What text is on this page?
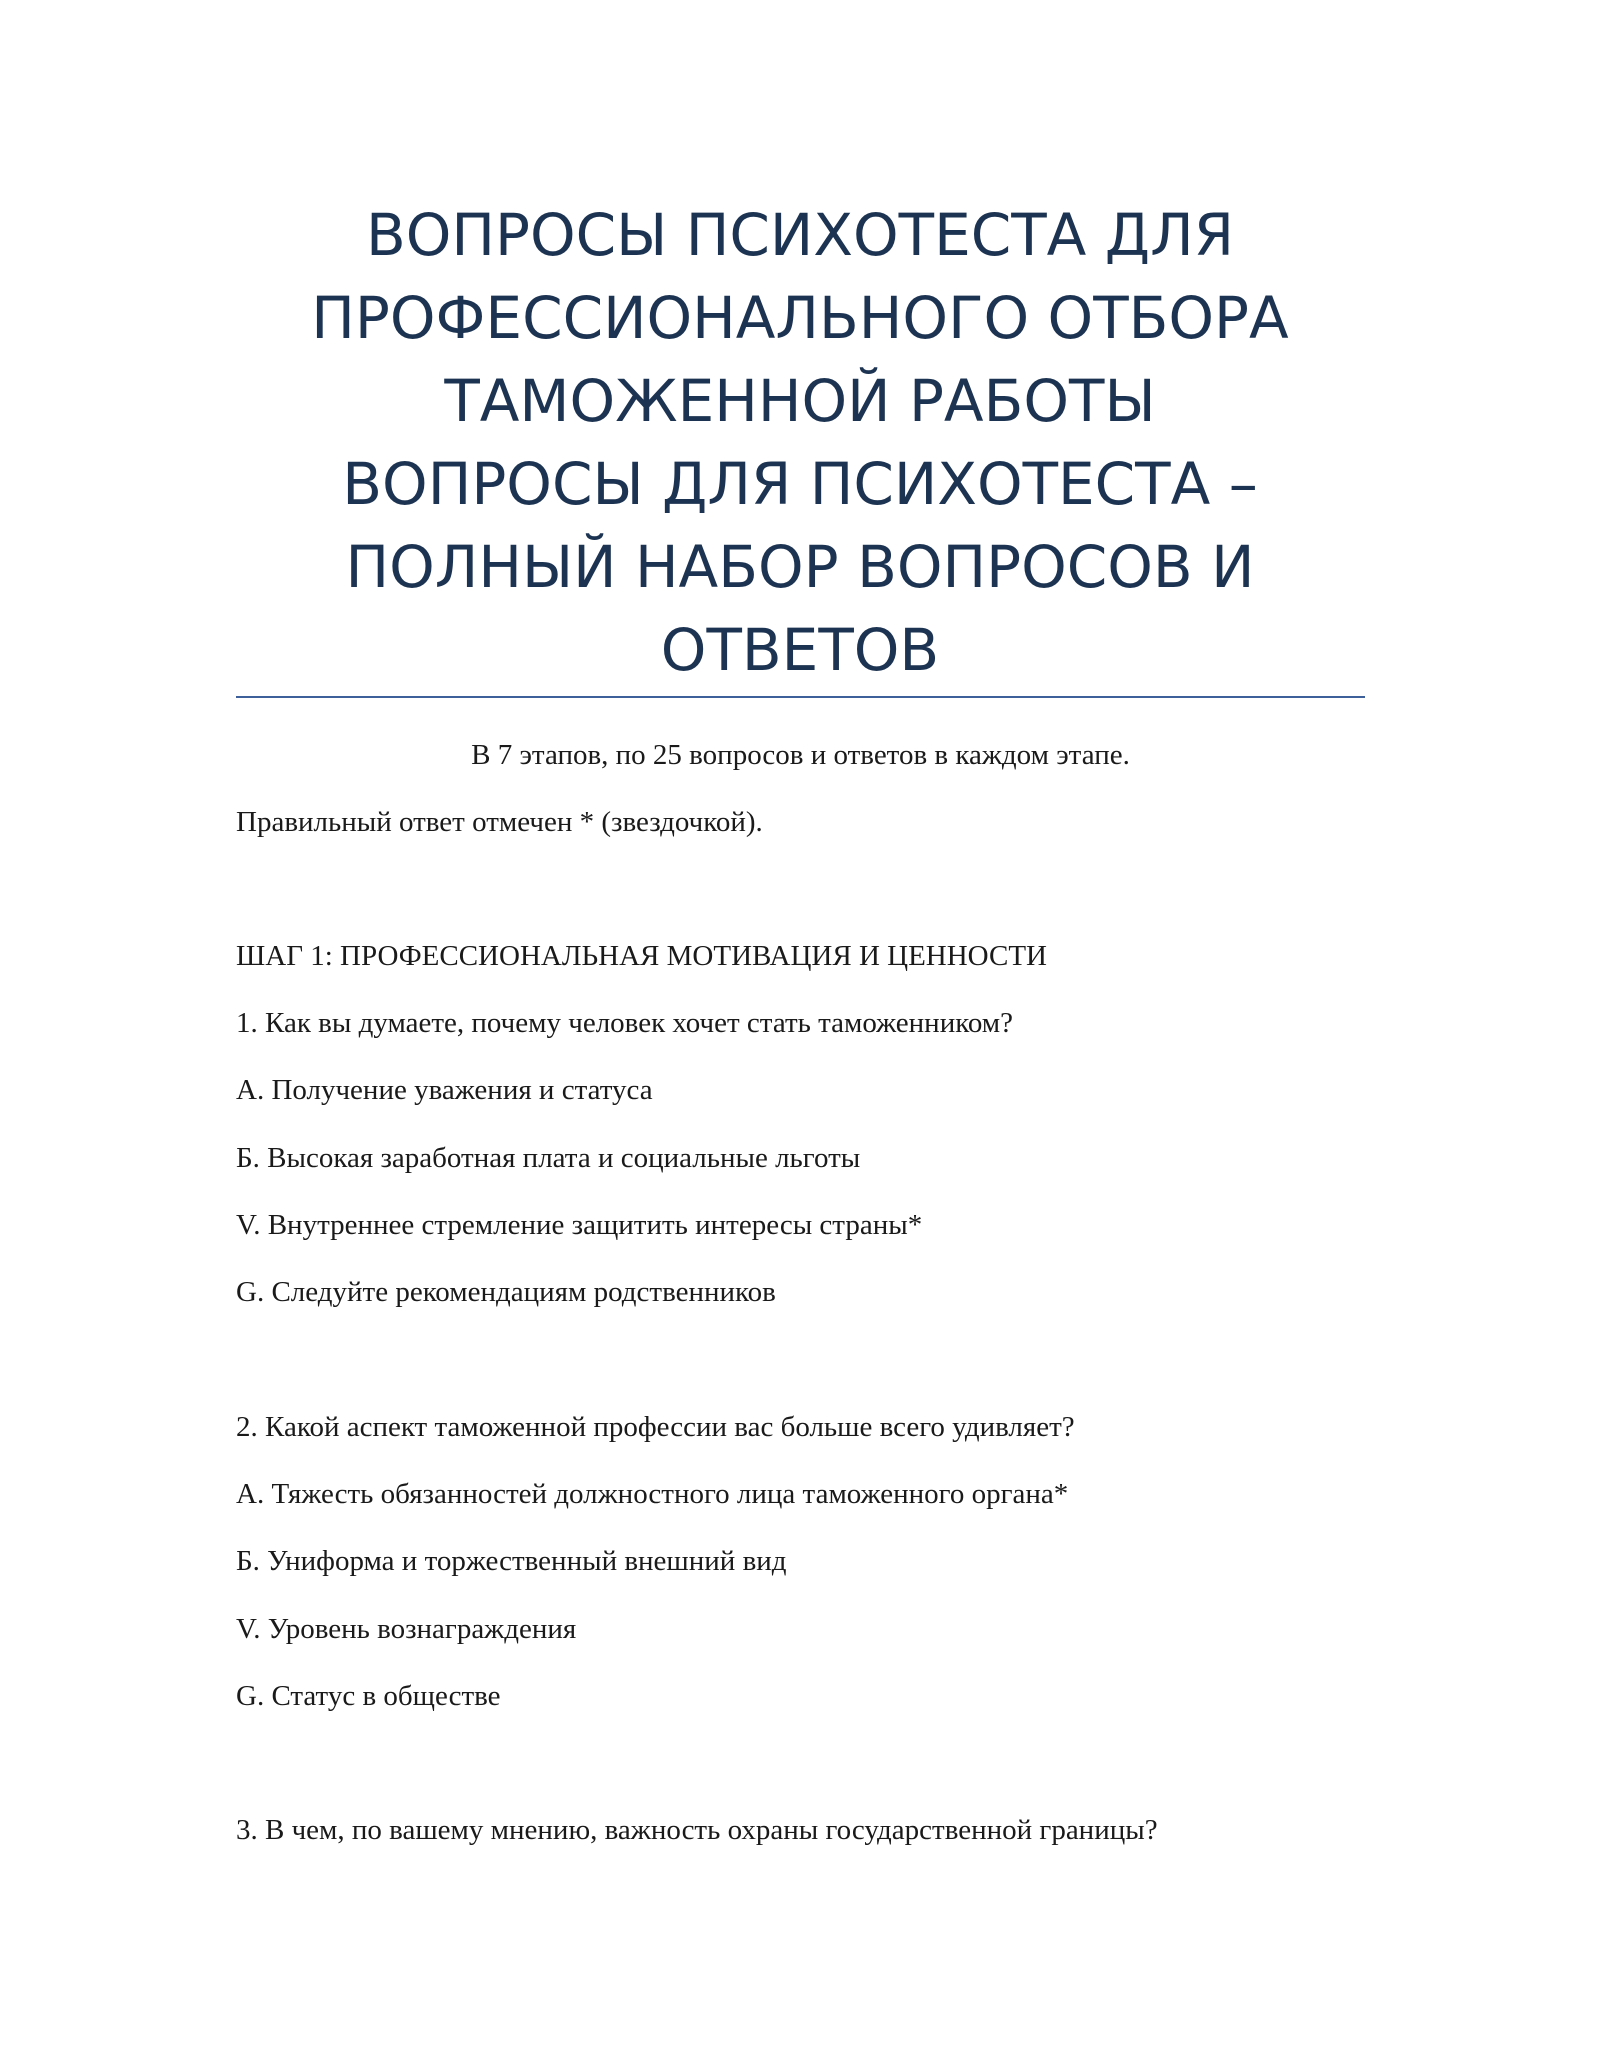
ВОПРОСЫ ПСИХОТЕСТА ДЛЯ
ПРОФЕССИОНАЛЬНОГО ОТБОРА
ТАМОЖЕННОЙ РАБОТЫ
ВОПРОСЫ ДЛЯ ПСИХОТЕСТА –
ПОЛНЫЙ НАБОР ВОПРОСОВ И
ОТВЕТОВ
В 7 этапов, по 25 вопросов и ответов в каждом этапе.
Правильный ответ отмечен * (звездочкой).
ШАГ 1: ПРОФЕССИОНАЛЬНАЯ МОТИВАЦИЯ И ЦЕННОСТИ
1. Как вы думаете, почему человек хочет стать таможенником?
А. Получение уважения и статуса
Б. Высокая заработная плата и социальные льготы
V. Внутреннее стремление защитить интересы страны*
G. Следуйте рекомендациям родственников
2. Какой аспект таможенной профессии вас больше всего удивляет?
А. Тяжесть обязанностей должностного лица таможенного органа*
Б. Униформа и торжественный внешний вид
V. Уровень вознаграждения
G. Статус в обществе
3. В чем, по вашему мнению, важность охраны государственной границы?
